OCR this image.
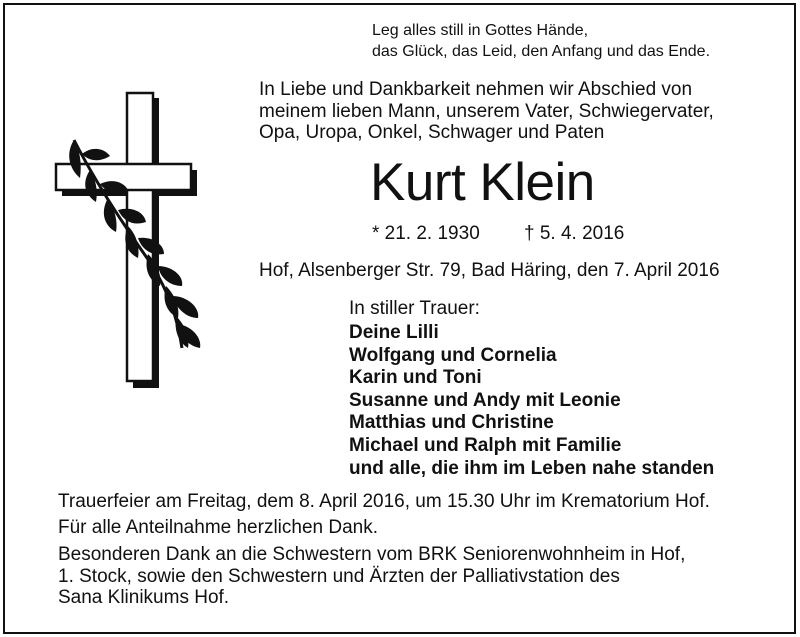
Leg alles still in Gottes Hände,
das Glück, das Leid, den Anfang und das Ende.
In Liebe und Dankbarkeit nehmen wir Abschied von
meinem lieben Mann, unserem Vater, Schwiegervater,
Opa, Uropa, Onkel, Schwager und Paten
Kurt Klein
* 21. 2. 1930 † 5. 4. 2016
Hof, Alsenberger Str. 79, Bad Häring, den 7. April 2016
In stiller Trauer:
Deine Lilli
Wolfgang und Cornelia
Karin und Toni
Susanne und Andy mit Leonie
Matthias und Christine
Michael und Ralph mit Familie
und alle, die ihm im Leben nahe standen
Trauerfeier am Freitag, dem 8. April 2016, um 15.30 Uhr im Krematorium Hof.
Für alle Anteilnahme herzlichen Dank.
Besonderen Dank an die Schwestern vom BRK Seniorenwohnheim in Hof,
1. Stock, sowie den Schwestern und Ärzten der Palliativstation des
Sana Klinikums Hof.
